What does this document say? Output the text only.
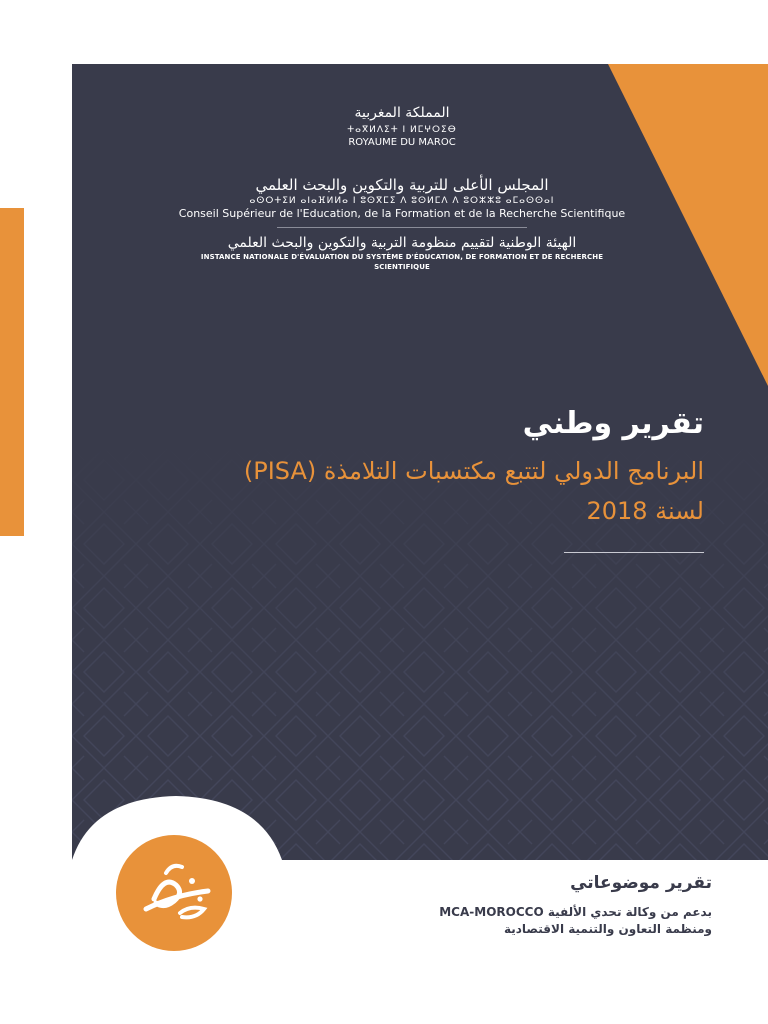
المملكة المغربية
ⵜⴰⴳⵍⴷⵉⵜ ⵏ ⵍⵎⵖⵔⵉⴱ
ROYAUME DU MAROC
المجلس الأعلى للتربية والتكوين والبحث العلمي
ⴰⵙⵔⵜⵉⵍ ⴰⵏⴰⴼⵍⵍⴰ ⵏ ⵓⵙⴳⵎⵉ ⴷ ⵓⵙⵍⵎⴷ ⴷ ⵓⵔⵣⵣⵓ ⴰⵎⴰⵙⵙⴰⵏ
Conseil Supérieur de l'Education, de la Formation et de la Recherche Scientifique
الهيئة الوطنية لتقييم منظومة التربية والتكوين والبحث العلمي
INSTANCE NATIONALE D'ÉVALUATION DU SYSTÈME D'ÉDUCATION, DE FORMATION ET DE RECHERCHE SCIENTIFIQUE
تقرير وطني
البرنامج الدولي لتتبع مكتسبات التلامذة (PISA)
لسنة 2018
تقرير موضوعاتي
بدعم من وكالة تحدي الألفية MCA-MOROCCO
ومنظمة التعاون والتنمية الاقتصادية
